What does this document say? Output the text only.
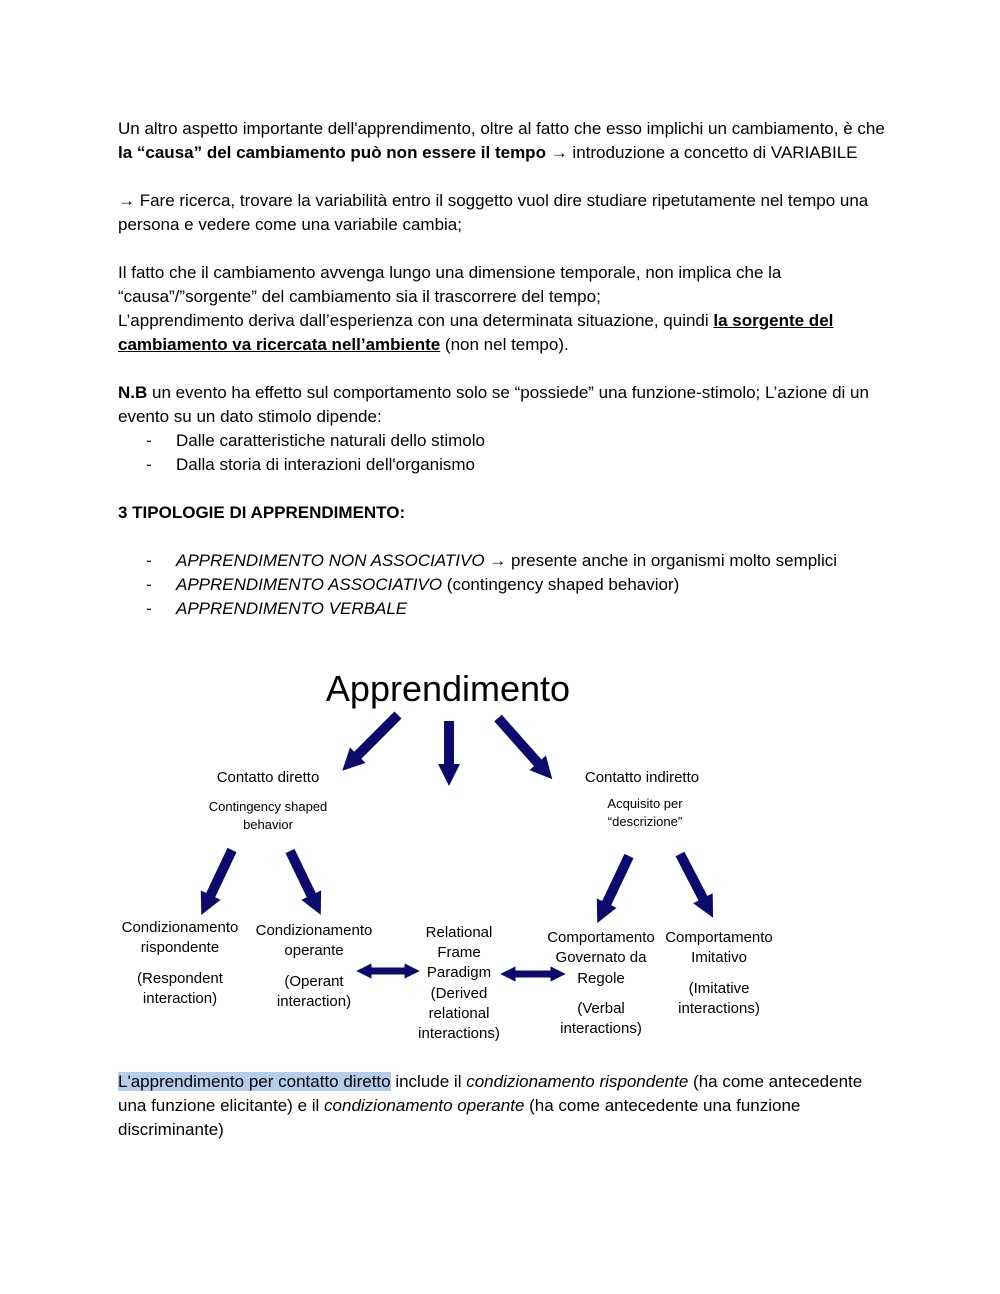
Un altro aspetto importante dell'apprendimento, oltre al fatto che esso implichi un cambiamento, è che la “causa” del cambiamento può non essere il tempo → introduzione a concetto di VARIABILE

→ Fare ricerca, trovare la variabilità entro il soggetto vuol dire studiare ripetutamente nel tempo una persona e vedere come una variabile cambia;

Il fatto che il cambiamento avvenga lungo una dimensione temporale, non implica che la “causa”/”sorgente” del cambiamento sia il trascorrere del tempo;

L’apprendimento deriva dall’esperienza con una determinata situazione, quindi la sorgente del cambiamento va ricercata nell’ambiente (non nel tempo).

N.B un evento ha effetto sul comportamento solo se “possiede” una funzione-stimolo; L’azione di un evento su un dato stimolo dipende:

-	Dalle caratteristiche naturali dello stimolo
-	Dalla storia di interazioni dell'organismo

3 TIPOLOGIE DI APPRENDIMENTO:

-	APPRENDIMENTO NON ASSOCIATIVO → presente anche in organismi molto semplici
-	APPRENDIMENTO ASSOCIATIVO (contingency shaped behavior)
-	APPRENDIMENTO VERBALE
Apprendimento
Contatto diretto
Contingency shaped
behavior
Contatto indiretto
Acquisito per
“descrizione”
Condizionamento
rispondente
(Respondent
interaction)
Condizionamento
operante
(Operant
interaction)
Relational
Frame
Paradigm
(Derived
relational
interactions)
Comportamento
Governato da
Regole
(Verbal
interactions)
Comportamento
Imitativo
(Imitative
interactions)
L'apprendimento per contatto diretto include il condizionamento rispondente (ha come antecedente una funzione elicitante) e il condizionamento operante (ha come antecedente una funzione discriminante)
